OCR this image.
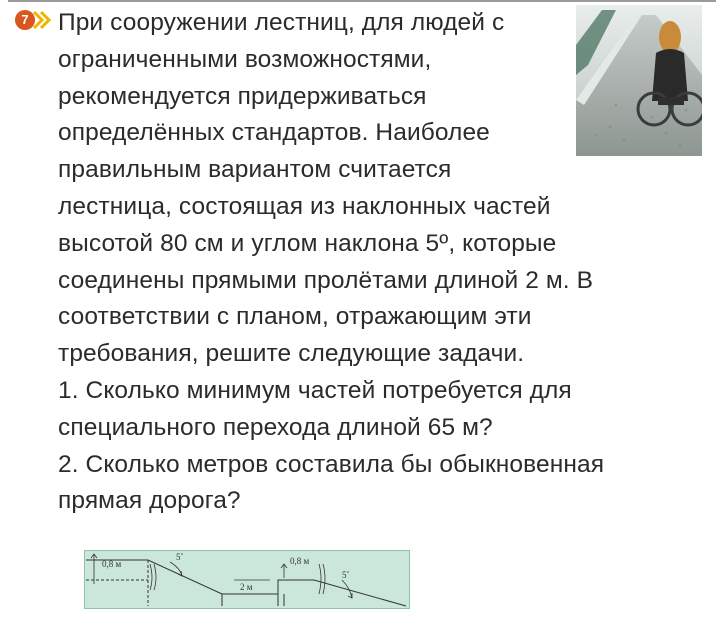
7 При сооружении лестниц, для людей с
ограниченными возможностями,
рекомендуется придерживаться
определённых стандартов. Наиболее
правильным вариантом считается
лестница, состоящая из наклонных частей
высотой 80 см и углом наклона 5º, которые
соединены прямыми пролётами длиной 2 м. В
соответствии с планом, отражающим эти
требования, решите следующие задачи.
1. Сколько минимум частей потребуется для
специального перехода длиной 65 м?
2. Сколько метров составила бы обыкновенная
прямая дорога?
0,8 м
5˚
2 м
0,8 м
5˚
